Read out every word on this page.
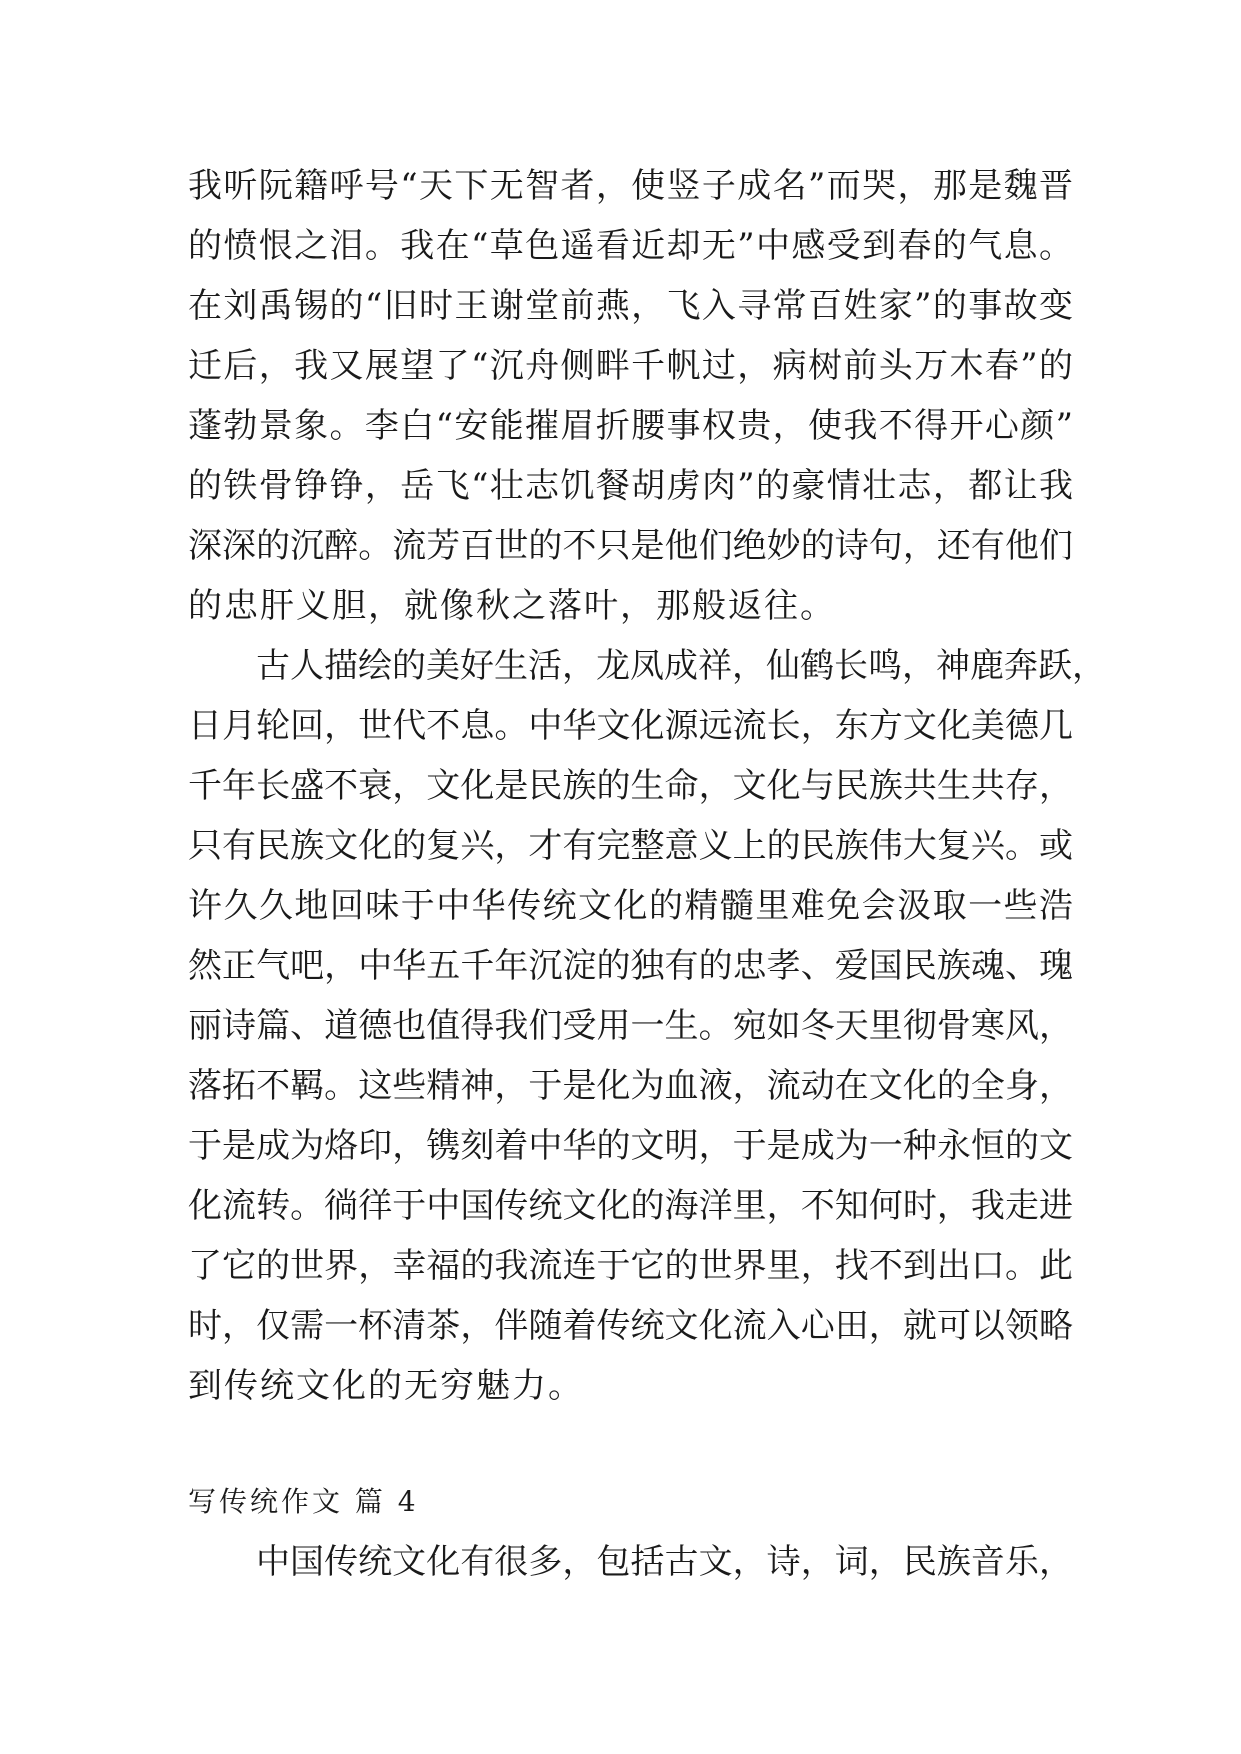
我听阮籍呼号“天下无智者，使竖子成名”而哭，那是魏晋
的愤恨之泪。我在“草色遥看近却无”中感受到春的气息。
在刘禹锡的“旧时王谢堂前燕，飞入寻常百姓家”的事故变
迁后，我又展望了“沉舟侧畔千帆过，病树前头万木春”的
蓬勃景象。李白“安能摧眉折腰事权贵，使我不得开心颜”
的铁骨铮铮，岳飞“壮志饥餐胡虏肉”的豪情壮志，都让我
深深的沉醉。流芳百世的不只是他们绝妙的诗句，还有他们
的忠肝义胆，就像秋之落叶，那般返往。
古人描绘的美好生活，龙凤成祥，仙鹤长鸣，神鹿奔跃，
日月轮回，世代不息。中华文化源远流长，东方文化美德几
千年长盛不衰，文化是民族的生命，文化与民族共生共存，
只有民族文化的复兴，才有完整意义上的民族伟大复兴。或
许久久地回味于中华传统文化的精髓里难免会汲取一些浩
然正气吧，中华五千年沉淀的独有的忠孝、爱国民族魂、瑰
丽诗篇、道德也值得我们受用一生。宛如冬天里彻骨寒风，
落拓不羁。这些精神，于是化为血液，流动在文化的全身，
于是成为烙印，镌刻着中华的文明，于是成为一种永恒的文
化流转。徜徉于中国传统文化的海洋里，不知何时，我走进
了它的世界，幸福的我流连于它的世界里，找不到出口。此
时，仅需一杯清茶，伴随着传统文化流入心田，就可以领略
到传统文化的无穷魅力。
写传统作文 篇 4
中国传统文化有很多，包括古文，诗，词，民族音乐，
